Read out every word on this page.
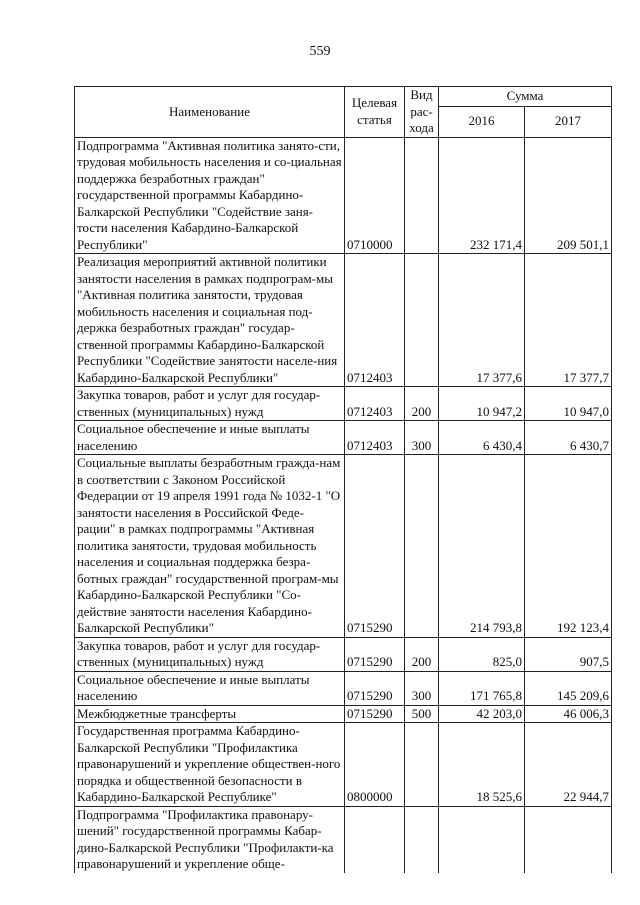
559
Наименование	Целевая статья	Вид рас-хода	Сумма	
			2016	2017
Подпрограмма "Активная политика занято-сти, трудовая мобильность населения и со-циальная поддержка безработных граждан" государственной программы Кабардино-Балкарской Республики "Содействие заня-тости населения Кабардино-Балкарской Республики"	0710000		232 171,4	209 501,1
Реализация мероприятий активной политики занятости населения в рамках подпрограм-мы "Активная политика занятости, трудовая мобильность населения и социальная под-держка безработных граждан" государ-ственной программы Кабардино-Балкарской Республики "Содействие занятости населе-ния Кабардино-Балкарской Республики"	0712403		17 377,6	17 377,7
Закупка товаров, работ и услуг для государ-ственных (муниципальных) нужд	0712403	200	10 947,2	10 947,0
Социальное обеспечение и иные выплаты населению	0712403	300	6 430,4	6 430,7
Социальные выплаты безработным гражда-нам в соответствии с Законом Российской Федерации от 19 апреля 1991 года № 1032-1 "О занятости населения в Российской Феде-рации" в рамках подпрограммы "Активная политика занятости, трудовая мобильность населения и социальная поддержка безра-ботных граждан" государственной програм-мы Кабардино-Балкарской Республики "Со-действие занятости населения Кабардино-Балкарской Республики"	0715290		214 793,8	192 123,4
Закупка товаров, работ и услуг для государ-ственных (муниципальных) нужд	0715290	200	825,0	907,5
Социальное обеспечение и иные выплаты населению	0715290	300	171 765,8	145 209,6
Межбюджетные трансферты	0715290	500	42 203,0	46 006,3
Государственная программа Кабардино-Балкарской Республики "Профилактика правонарушений и укрепление обществен-ного порядка и общественной безопасности в Кабардино-Балкарской Республике"	0800000		18 525,6	22 944,7
Подпрограмма "Профилактика правонару-шений" государственной программы Кабар-дино-Балкарской Республики "Профилакти-ка правонарушений и укрепление обще-				
